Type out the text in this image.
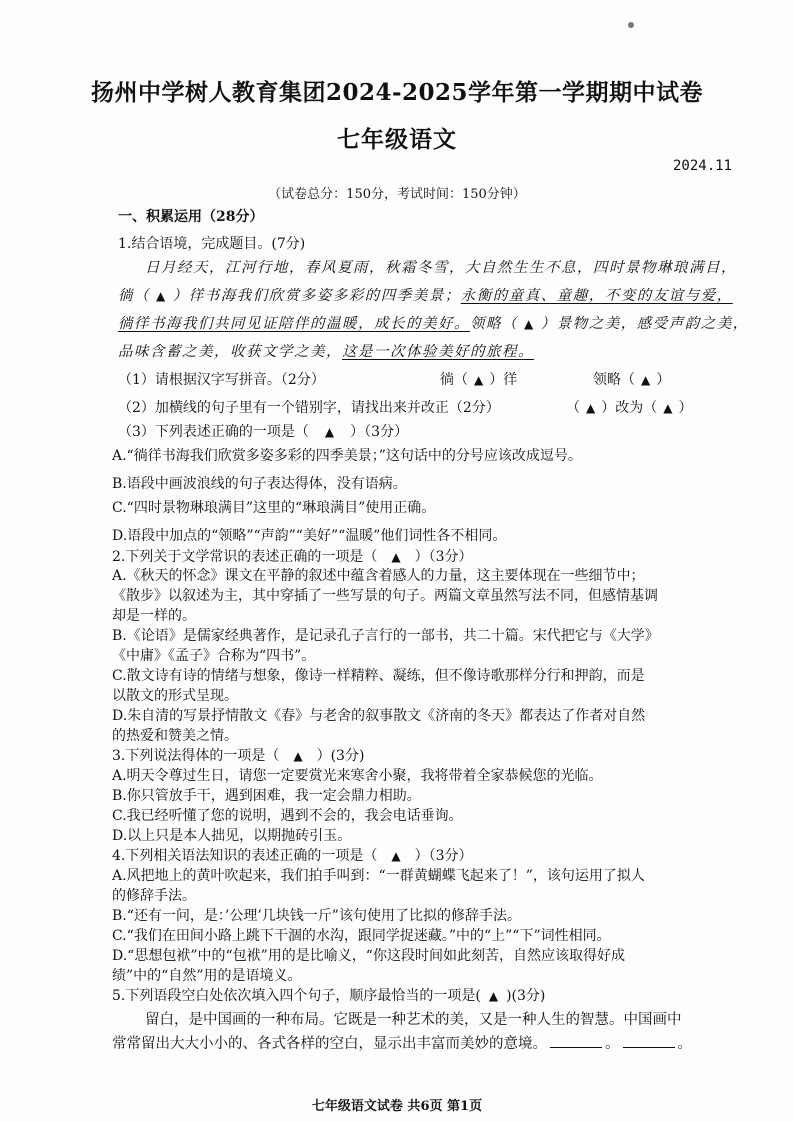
扬州中学树人教育集团2024-2025学年第一学期期中试卷
七年级语文
2024.11
（试卷总分：150分，考试时间：150分钟）
一、积累运用（28分）
1.结合语境，完成题目。(7分)
日月经天，江河行地，春风夏雨，秋霜冬雪，大自然生生不息，四时景物琳琅满目，
徜（ ▲ ）徉书海我们欣赏多姿多彩的四季美景；永衡的童真、童趣，不变的友谊与爱，
徜徉书海我们共同见证陪伴的温暖，成长的美好。领略（ ▲ ）景物之美，感受声韵之美，
品味含蓄之美，收获文学之美，这是一次体验美好的旅程。
（1）请根据汉字写拼音。（2分）	徜（ ▲ ）徉	领略（ ▲ ）
（2）加横线的句子里有一个错别字，请找出来并改正（2分）	（ ▲ ）改为（ ▲ ）
（3）下列表述正确的一项是（ ▲ ）（3分）
A.“徜徉书海我们欣赏多姿多彩的四季美景；”这句话中的分号应该改成逗号。
B.语段中画波浪线的句子表达得体，没有语病。
C.“四时景物琳琅满目”这里的“琳琅满目”使用正确。
D.语段中加点的“领略”“声韵”“美好”“温暖”他们词性各不相同。
2.下列关于文学常识的表述正确的一项是（ ▲ ）（3分）
A.《秋天的怀念》课文在平静的叙述中蕴含着感人的力量，这主要体现在一些细节中；
《散步》以叙述为主，其中穿插了一些写景的句子。两篇文章虽然写法不同，但感情基调
却是一样的。
B.《论语》是儒家经典著作，是记录孔子言行的一部书，共二十篇。宋代把它与《大学》
《中庸》《孟子》合称为“四书”。
C.散文诗有诗的情绪与想象，像诗一样精粹、凝练，但不像诗歌那样分行和押韵，而是
以散文的形式呈现。
D.朱自清的写景抒情散文《春》与老舍的叙事散文《济南的冬天》都表达了作者对自然
的热爱和赞美之情。
3.下列说法得体的一项是（ ▲ ）(3分)
A.明天令尊过生日，请您一定要赏光来寒舍小聚，我将带着全家恭候您的光临。
B.你只管放手干，遇到困难，我一定会鼎力相助。
C.我已经听懂了您的说明，遇到不会的，我会电话垂询。
D.以上只是本人拙见，以期抛砖引玉。
4.下列相关语法知识的表述正确的一项是（ ▲ ）（3分）
A.风把地上的黄叶吹起来，我们拍手叫到：“一群黄蝴蝶飞起来了！”，该句运用了拟人
的修辞手法。
B.“还有一问，是：’公理’几块钱一斤”该句使用了比拟的修辞手法。
C.“我们在田间小路上跳下干涸的水沟，跟同学捉迷藏。”中的“上”“下”词性相同。
D.“思想包袱”中的“包袱”用的是比喻义，“你这段时间如此刻苦，自然应该取得好成
绩”中的“自然”用的是语境义。
5.下列语段空白处依次填入四个句子，顺序最恰当的一项是( ▲ )(3分)
留白，是中国画的一种布局。它既是一种艺术的美，又是一种人生的智慧。中国画中
常常留出大大小小的、各式各样的空白，显示出丰富而美妙的意境。	。	。
七年级语文试卷 共6页 第1页
